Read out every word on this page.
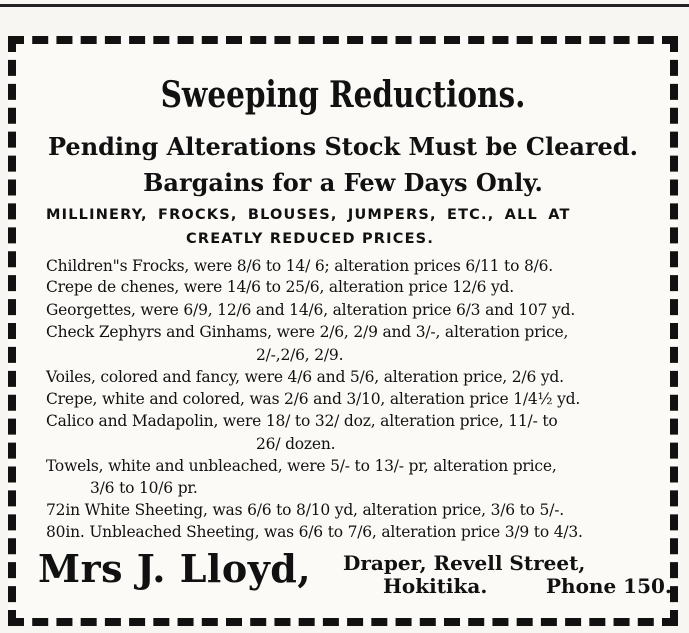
Sweeping Reductions.
Pending Alterations Stock Must be Cleared.
Bargains for a Few Days Only.
MILLINERY, FROCKS, BLOUSES, JUMPERS, ETC., ALL AT
CREATLY REDUCED PRICES.
Children"s Frocks, were 8/6 to 14/ 6; alteration prices 6/11 to 8/6.
Crepe de chenes, were 14/6 to 25/6, alteration price 12/6 yd.
Georgettes, were 6/9, 12/6 and 14/6, alteration price 6/3 and 107 yd.
Check Zephyrs and Ginhams, were 2/6, 2/9 and 3/-, alteration price,
2/-,2/6, 2/9.
Voiles, colored and fancy, were 4/6 and 5/6, alteration price, 2/6 yd.
Crepe, white and colored, was 2/6 and 3/10, alteration price 1/4½ yd.
Calico and Madapolin, were 18/ to 32/ doz, alteration price, 11/- to
26/ dozen.
Towels, white and unbleached, were 5/- to 13/- pr, alteration price,
3/6 to 10/6 pr.
72in White Sheeting, was 6/6 to 8/10 yd, alteration price, 3/6 to 5/-.
80in. Unbleached Sheeting, was 6/6 to 7/6, alteration price 3/9 to 4/3.
Mrs J. Lloyd, Draper, Revell Street,
Hokitika.	Phone 150.
